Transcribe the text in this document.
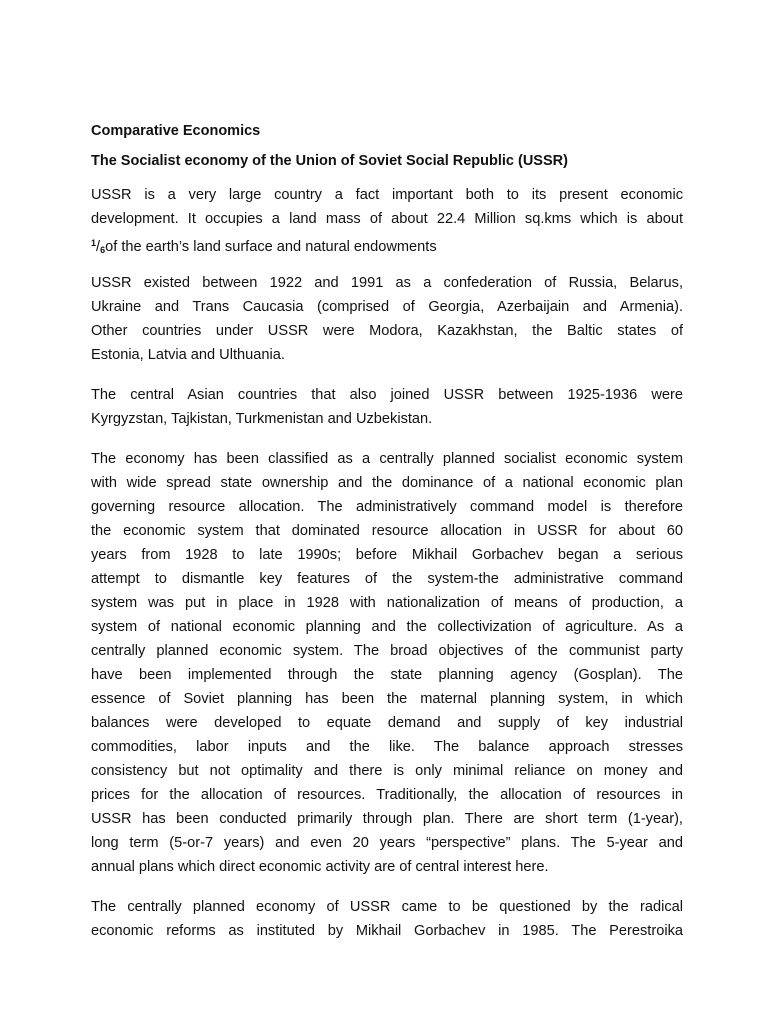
Comparative Economics
The Socialist economy of the Union of Soviet Social Republic (USSR)
USSR is a very large country a fact important both to its present economic
development. It occupies a land mass of about 22.4 Million sq.kms which is about
$^1/_6of$ the earth’s land surface and natural endowments
USSR existed between 1922 and 1991 as a confederation of Russia, Belarus,
Ukraine and Trans Caucasia (comprised of Georgia, Azerbaijain and Armenia).
Other countries under USSR were Modora, Kazakhstan, the Baltic states of
Estonia, Latvia and Ulthuania.
The central Asian countries that also joined USSR between 1925-1936 were
Kyrgyzstan, Tajkistan, Turkmenistan and Uzbekistan.
The economy has been classified as a centrally planned socialist economic system
with wide spread state ownership and the dominance of a national economic plan
governing resource allocation. The administratively command model is therefore
the economic system that dominated resource allocation in USSR for about 60
years from 1928 to late 1990s; before Mikhail Gorbachev began a serious
attempt to dismantle key features of the system-the administrative command
system was put in place in 1928 with nationalization of means of production, a
system of national economic planning and the collectivization of agriculture. As a
centrally planned economic system. The broad objectives of the communist party
have been implemented through the state planning agency (Gosplan). The
essence of Soviet planning has been the maternal planning system, in which
balances were developed to equate demand and supply of key industrial
commodities, labor inputs and the like. The balance approach stresses
consistency but not optimality and there is only minimal reliance on money and
prices for the allocation of resources. Traditionally, the allocation of resources in
USSR has been conducted primarily through plan. There are short term (1-year),
long term (5-or-7 years) and even 20 years “perspective” plans. The 5-year and
annual plans which direct economic activity are of central interest here.
The centrally planned economy of USSR came to be questioned by the radical
economic reforms as instituted by Mikhail Gorbachev in 1985. The Perestroika
